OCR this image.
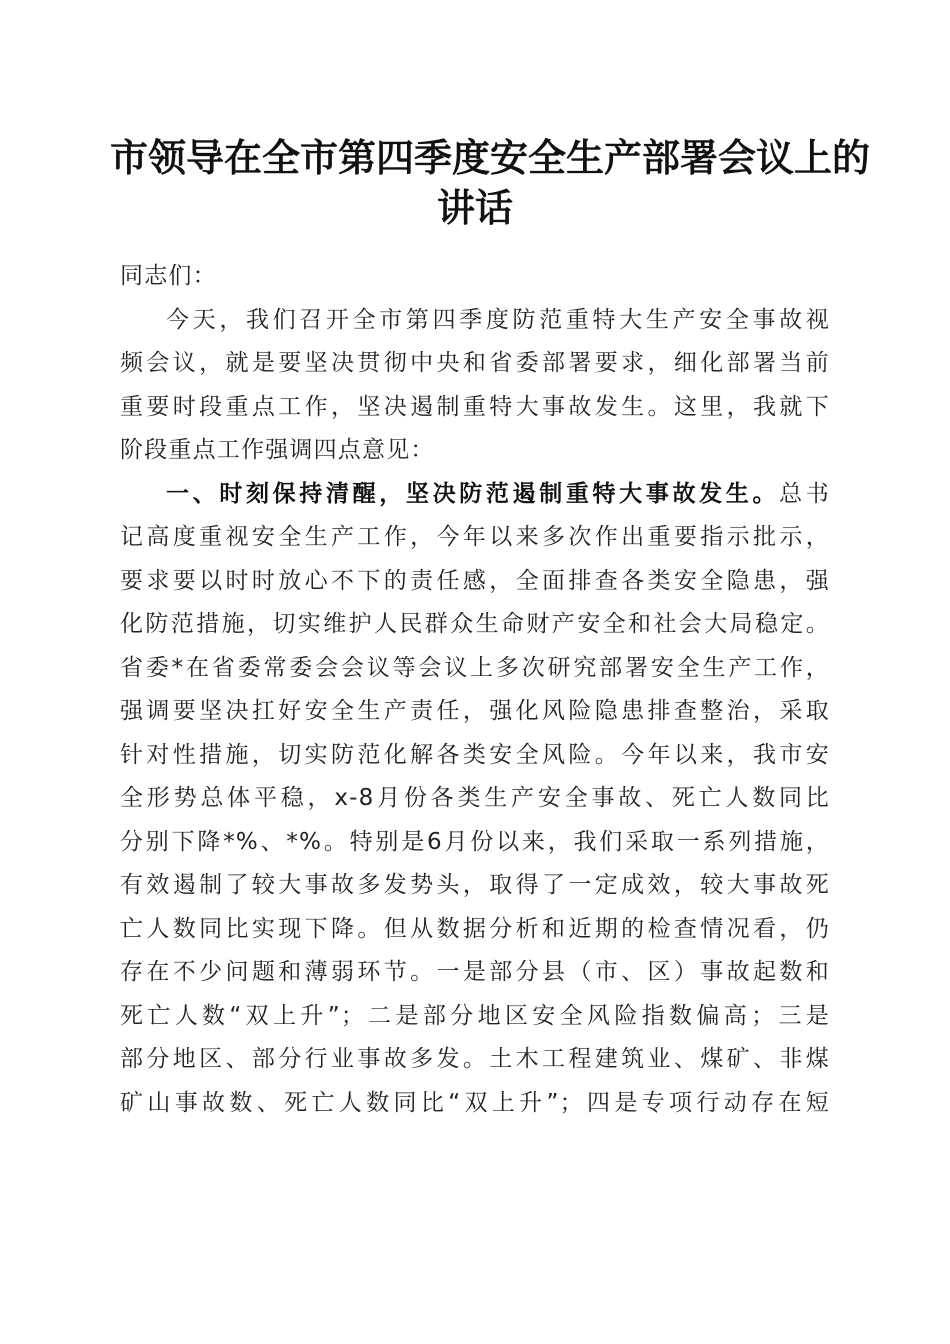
市领导在全市第四季度安全生产部署会议上的
讲话
同志们：
今天，我们召开全市第四季度防范重特大生产安全事故视
频会议，就是要坚决贯彻中央和省委部署要求，细化部署当前
重要时段重点工作，坚决遏制重特大事故发生。这里，我就下
阶段重点工作强调四点意见：
一、时刻保持清醒，坚决防范遏制重特大事故发生。总书
记高度重视安全生产工作，今年以来多次作出重要指示批示，
要求要以时时放心不下的责任感，全面排查各类安全隐患，强
化防范措施，切实维护人民群众生命财产安全和社会大局稳定。
省委*在省委常委会会议等会议上多次研究部署安全生产工作，
强调要坚决扛好安全生产责任，强化风险隐患排查整治，采取
针对性措施，切实防范化解各类安全风险。今年以来，我市安
全形势总体平稳，x-8月份各类生产安全事故、死亡人数同比
分别下降*%、*%。特别是6月份以来，我们采取一系列措施，
有效遏制了较大事故多发势头，取得了一定成效，较大事故死
亡人数同比实现下降。但从数据分析和近期的检查情况看，仍
存在不少问题和薄弱环节。一是部分县（市、区）事故起数和
死亡人数“双上升”；二是部分地区安全风险指数偏高；三是
部分地区、部分行业事故多发。土木工程建筑业、煤矿、非煤
矿山事故数、死亡人数同比“双上升”；四是专项行动存在短
